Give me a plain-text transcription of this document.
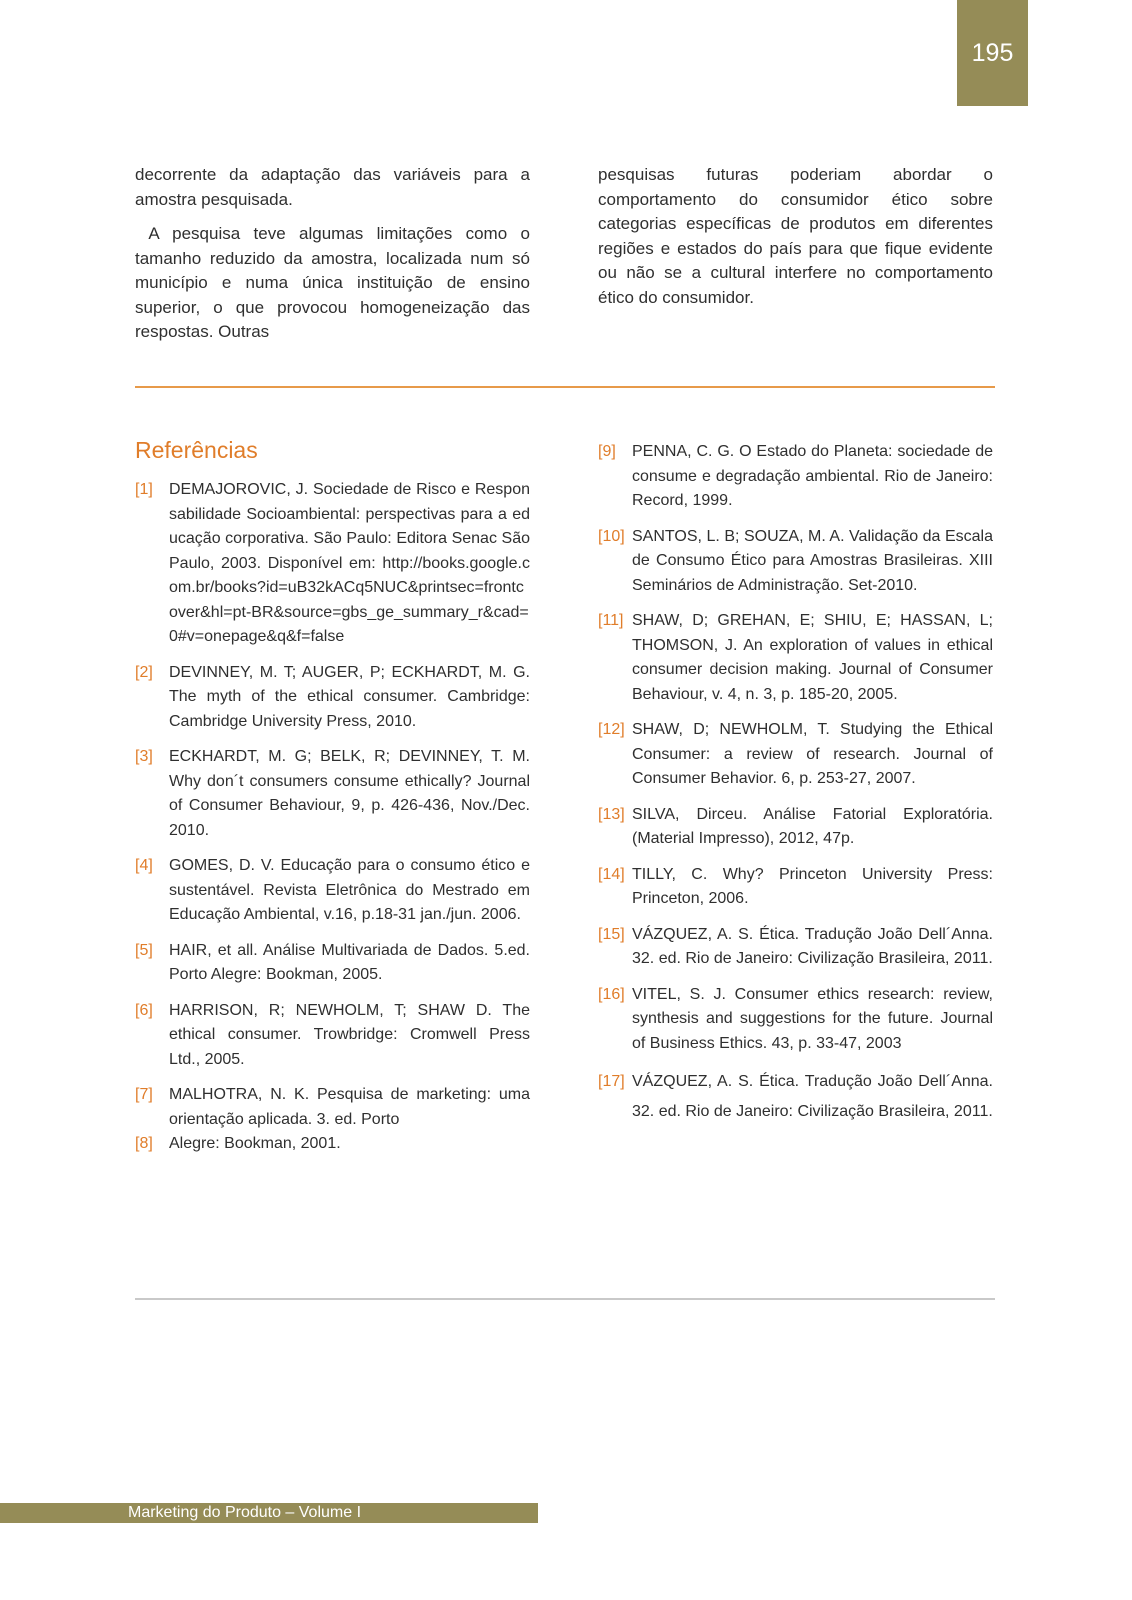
195

decorrente da adaptação das variáveis para a amostra pesquisada.

A pesquisa teve algumas limitações como o tamanho reduzido da amostra, localizada num só município e numa única instituição de ensino superior, o que provocou homogeneização das respostas. Outras

pesquisas futuras poderiam abordar o comportamento do consumidor ético sobre categorias específicas de produtos em diferentes regiões e estados do país para que fique evidente ou não se a cultural interfere no comportamento ético do consumidor.

Referências
[1]	DEMAJOROVIC, J. Sociedade de Risco e Responsabilidade Socioambiental: perspectivas para a educação corporativa. São Paulo: Editora Senac São Paulo, 2003. Disponível em: http://books.google.com.br/books?id=uB32kACq5NUC&printsec=frontcover&hl=pt-BR&source=gbs_ge_summary_r&cad=0#v=onepage&q&f=false
[2]	DEVINNEY, M. T; AUGER, P; ECKHARDT, M. G. The myth of the ethical consumer. Cambridge: Cambridge University Press, 2010.
[3]	ECKHARDT, M. G; BELK, R; DEVINNEY, T. M. Why don´t consumers consume ethically? Journal of Consumer Behaviour, 9, p. 426-436, Nov./Dec. 2010.
[4]	GOMES, D. V. Educação para o consumo ético e sustentável. Revista Eletrônica do Mestrado em Educação Ambiental, v.16, p.18-31 jan./jun. 2006.
[5]	HAIR, et all. Análise Multivariada de Dados. 5.ed. Porto Alegre: Bookman, 2005.
[6]	HARRISON, R; NEWHOLM, T; SHAW D. The ethical consumer. Trowbridge: Cromwell Press Ltd., 2005.
[7]	MALHOTRA, N. K. Pesquisa de marketing: uma orientação aplicada. 3. ed. Porto
[8]	Alegre: Bookman, 2001.
[9]	PENNA, C. G. O Estado do Planeta: sociedade de consume e degradação ambiental. Rio de Janeiro: Record, 1999.
[10] SANTOS, L. B; SOUZA, M. A. Validação da Escala de Consumo Ético para Amostras Brasileiras. XIII Seminários de Administração. Set-2010.
[11] SHAW, D; GREHAN, E; SHIU, E; HASSAN, L; THOMSON, J. An exploration of values in ethical consumer decision making. Journal of Consumer Behaviour, v. 4, n. 3, p. 185-20, 2005.
[12] SHAW, D; NEWHOLM, T. Studying the Ethical Consumer: a review of research. Journal of Consumer Behavior. 6, p. 253-27, 2007.
[13] SILVA, Dirceu. Análise Fatorial Exploratória. (Material Impresso), 2012, 47p.
[14] TILLY, C. Why? Princeton University Press: Princeton, 2006.
[15] VÁZQUEZ, A. S. Ética. Tradução João Dell´Anna. 32. ed. Rio de Janeiro: Civilização Brasileira, 2011.
[16] VITEL, S. J. Consumer ethics research: review, synthesis and suggestions for the future. Journal of Business Ethics. 43, p. 33-47, 2003
[17] VÁZQUEZ, A. S. Ética. Tradução João Dell´Anna. 32. ed. Rio de Janeiro: Civilização Brasileira, 2011.
Marketing do Produto – Volume I
